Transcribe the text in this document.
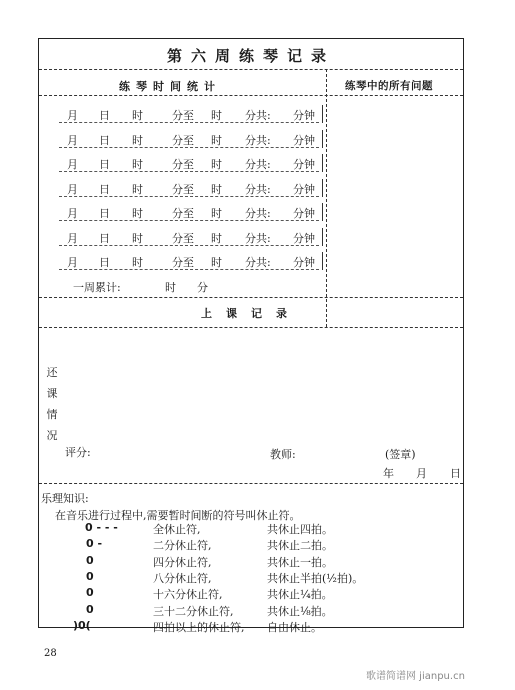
第六周练琴记录
练琴时间统计	练琴中的所有问题
月 日 时	分至 时 分共: 分钟
月 日 时	分至 时 分共: 分钟
月 日 时	分至 时 分共: 分钟
月 日 时	分至 时 分共: 分钟
月 日 时	分至 时 分共: 分钟
月 日 时	分至 时 分共: 分钟
月 日 时	分至 时 分共: 分钟
一周累计:	时 分
上课记录
还
课
情
况
评分:	教师:	(签章)
年 月 日
乐理知识:
在音乐进行过程中,需要暂时间断的符号叫休止符。
0 - - -	全休止符,	共休止四拍。
0 -	二分休止符,	共休止二拍。
0	四分休止符,	共休止一拍。
0	八分休止符,	共休止半拍(½拍)。
0	十六分休止符,	共休止¼拍。
0	三十二分休止符,	共休止⅛拍。
)0(	四拍以上的休止符, 自由休止。
28
歌谱简谱网 jianpu.cn
